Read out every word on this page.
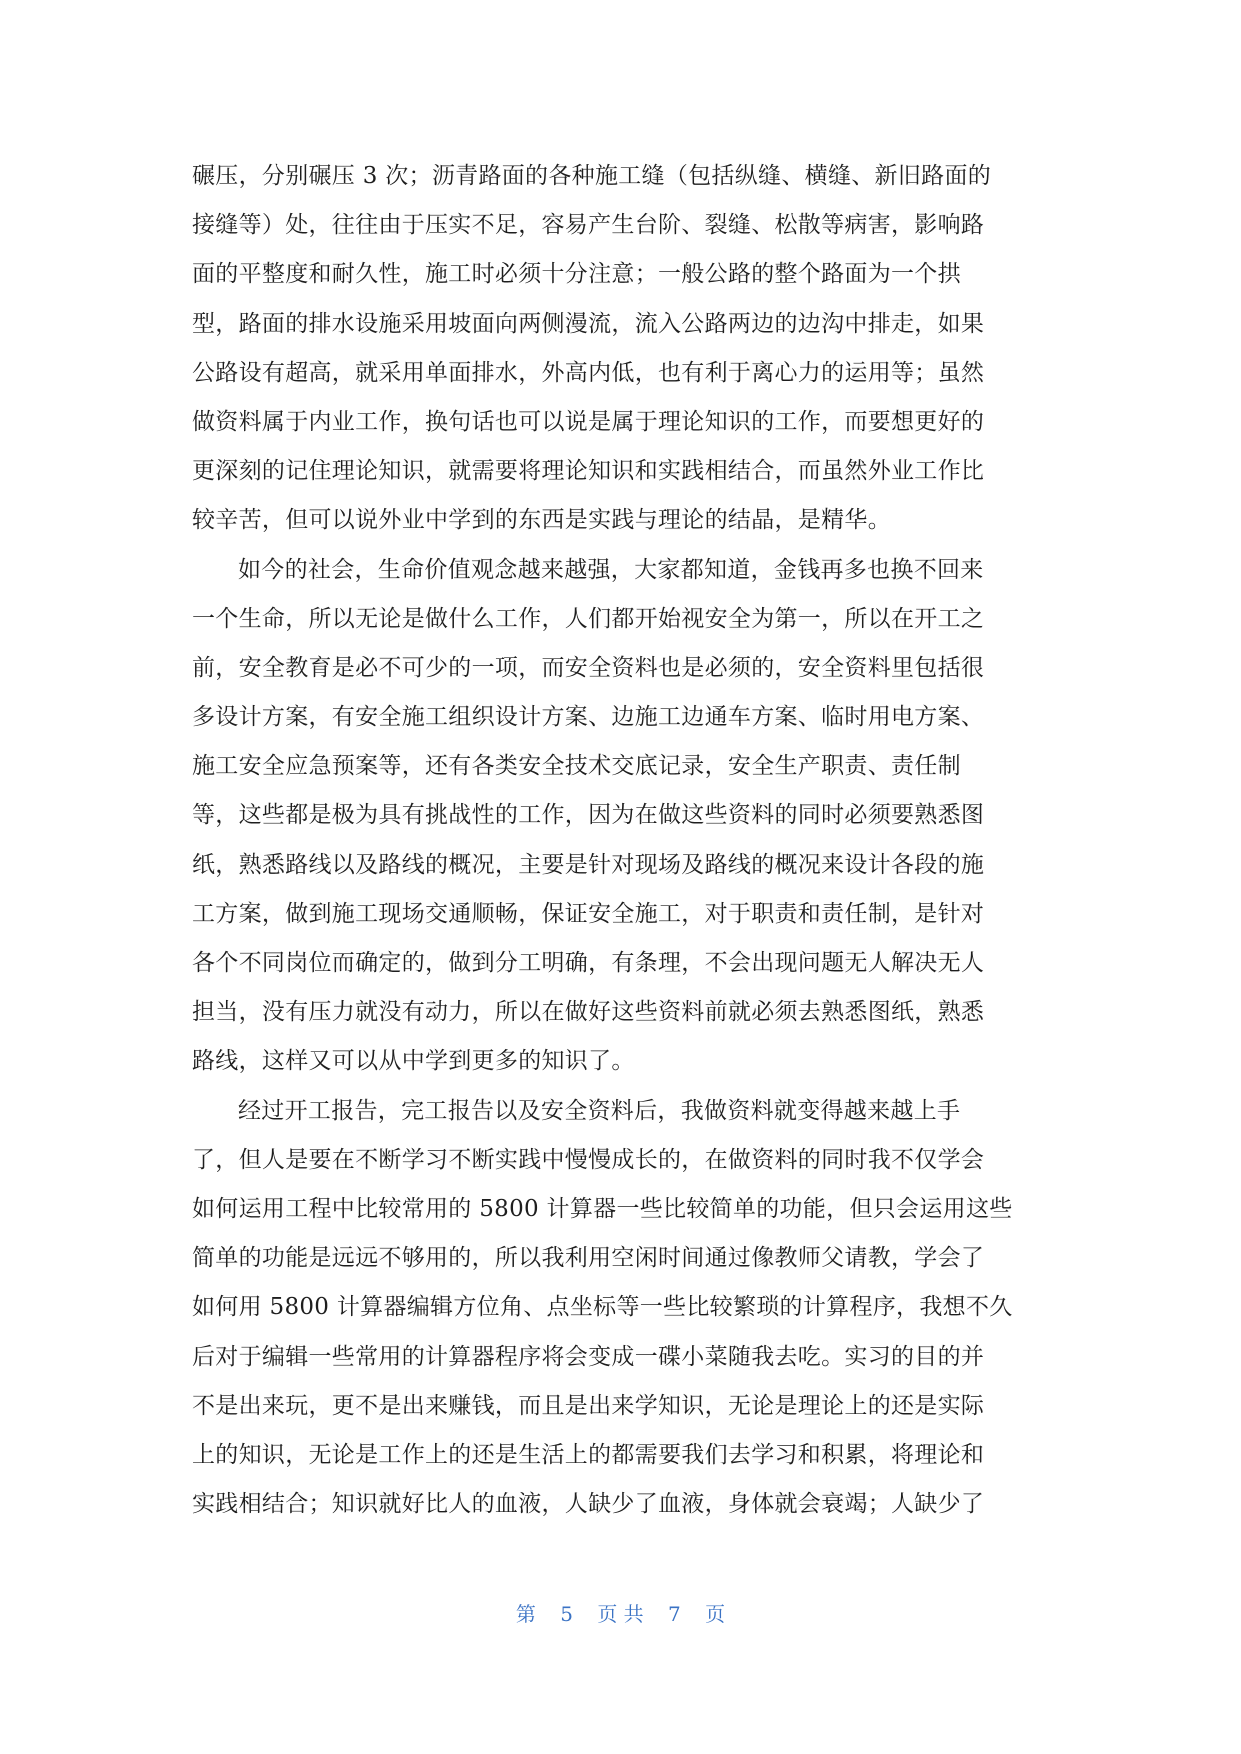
碾压，分别碾压 3 次；沥青路面的各种施工缝（包括纵缝、横缝、新旧路面的
接缝等）处，往往由于压实不足，容易产生台阶、裂缝、松散等病害，影响路
面的平整度和耐久性，施工时必须十分注意；一般公路的整个路面为一个拱
型，路面的排水设施采用坡面向两侧漫流，流入公路两边的边沟中排走，如果
公路设有超高，就采用单面排水，外高内低，也有利于离心力的运用等；虽然
做资料属于内业工作，换句话也可以说是属于理论知识的工作，而要想更好的
更深刻的记住理论知识，就需要将理论知识和实践相结合，而虽然外业工作比
较辛苦，但可以说外业中学到的东西是实践与理论的结晶，是精华。
如今的社会，生命价值观念越来越强，大家都知道，金钱再多也换不回来
一个生命，所以无论是做什么工作，人们都开始视安全为第一，所以在开工之
前，安全教育是必不可少的一项，而安全资料也是必须的，安全资料里包括很
多设计方案，有安全施工组织设计方案、边施工边通车方案、临时用电方案、
施工安全应急预案等，还有各类安全技术交底记录，安全生产职责、责任制
等，这些都是极为具有挑战性的工作，因为在做这些资料的同时必须要熟悉图
纸，熟悉路线以及路线的概况，主要是针对现场及路线的概况来设计各段的施
工方案，做到施工现场交通顺畅，保证安全施工，对于职责和责任制，是针对
各个不同岗位而确定的，做到分工明确，有条理，不会出现问题无人解决无人
担当，没有压力就没有动力，所以在做好这些资料前就必须去熟悉图纸，熟悉
路线，这样又可以从中学到更多的知识了。
经过开工报告，完工报告以及安全资料后，我做资料就变得越来越上手
了，但人是要在不断学习不断实践中慢慢成长的，在做资料的同时我不仅学会
如何运用工程中比较常用的 5800 计算器一些比较简单的功能，但只会运用这些
简单的功能是远远不够用的，所以我利用空闲时间通过像教师父请教，学会了
如何用 5800 计算器编辑方位角、点坐标等一些比较繁琐的计算程序，我想不久
后对于编辑一些常用的计算器程序将会变成一碟小菜随我去吃。实习的目的并
不是出来玩，更不是出来赚钱，而且是出来学知识，无论是理论上的还是实际
上的知识，无论是工作上的还是生活上的都需要我们去学习和积累，将理论和
实践相结合；知识就好比人的血液，人缺少了血液，身体就会衰竭；人缺少了
第 5 页 共 7 页
